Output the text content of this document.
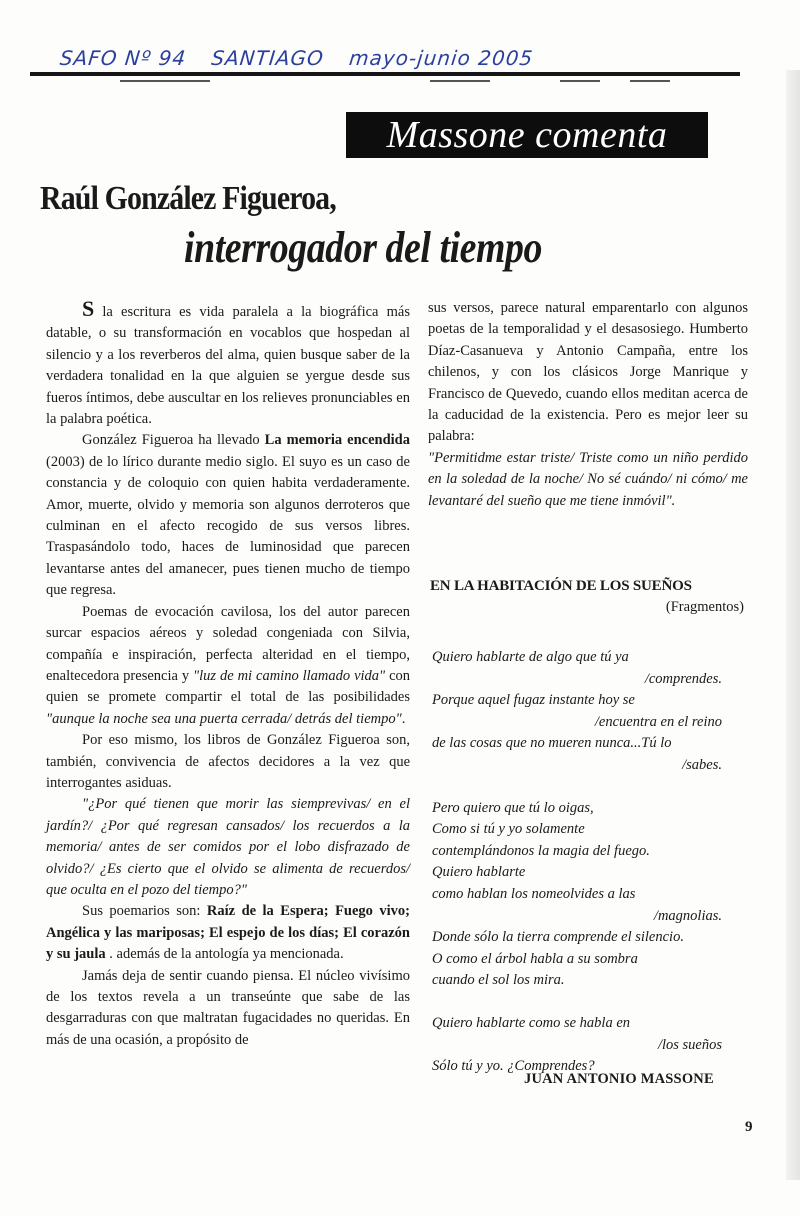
SAFO Nº 94 SANTIAGO mayo-junio 2005
Massone comenta
Raúl González Figueroa,
interrogador del tiempo

S la escritura es vida paralela a la biográfica más datable, o su transformación en vocablos que hospedan al silencio y a los reverberos del alma, quien busque saber de la verdadera tonalidad en la que alguien se yergue desde sus fueros íntimos, debe auscultar en los relieves pronunciables en la palabra poética.

González Figueroa ha llevado La memoria encendida (2003) de lo lírico durante medio siglo. El suyo es un caso de constancia y de coloquio con quien habita verdaderamente. Amor, muerte, olvido y memoria son algunos derroteros que culminan en el afecto recogido de sus versos libres. Traspasándolo todo, haces de luminosidad que parecen levantarse antes del amanecer, pues tienen mucho de tiempo que regresa.

Poemas de evocación cavilosa, los del autor parecen surcar espacios aéreos y soledad congeniada con Silvia, compañía e inspiración, perfecta alteridad en el tiempo, enaltecedora presencia y "luz de mi camino llamado vida" con quien se promete compartir el total de las posibilidades "aunque la noche sea una puerta cerrada/ detrás del tiempo".

Por eso mismo, los libros de González Figueroa son, también, convivencia de afectos decidores a la vez que interrogantes asiduas.

"¿Por qué tienen que morir las siemprevivas/ en el jardín?/ ¿Por qué regresan cansados/ los recuerdos a la memoria/ antes de ser comidos por el lobo disfrazado de olvido?/ ¿Es cierto que el olvido se alimenta de recuerdos/ que oculta en el pozo del tiempo?"

Sus poemarios son: Raíz de la Espera; Fuego vivo; Angélica y las mariposas; El espejo de los días; El corazón y su jaula . además de la antología ya mencionada.

Jamás deja de sentir cuando piensa. El núcleo vivísimo de los textos revela a un transeúnte que sabe de las desgarraduras con que maltratan fugacidades no queridas. En más de una ocasión, a propósito de

sus versos, parece natural emparentarlo con algunos poetas de la temporalidad y el desasosiego. Humberto Díaz-Casanueva y Antonio Campaña, entre los chilenos, y con los clásicos Jorge Manrique y Francisco de Quevedo, cuando ellos meditan acerca de la caducidad de la existencia. Pero es mejor leer su palabra:

"Permitidme estar triste/ Triste como un niño perdido en la soledad de la noche/ No sé cuándo/ ni cómo/ me levantaré del sueño que me tiene inmóvil".

EN LA HABITACIÓN DE LOS SUEÑOS
(Fragmentos)
Quiero hablarte de algo que tú ya
/comprendes.
Porque aquel fugaz instante hoy se
/encuentra en el reino
de las cosas que no mueren nunca...Tú lo
/sabes.
Pero quiero que tú lo oigas,
Como si tú y yo solamente
contemplándonos la magia del fuego.
Quiero hablarte
como hablan los nomeolvides a las
/magnolias.
Donde sólo la tierra comprende el silencio.
O como el árbol habla a su sombra
cuando el sol los mira.
Quiero hablarte como se habla en
/los sueños
Sólo tú y yo. ¿Comprendes?
JUAN ANTONIO MASSONE
9
